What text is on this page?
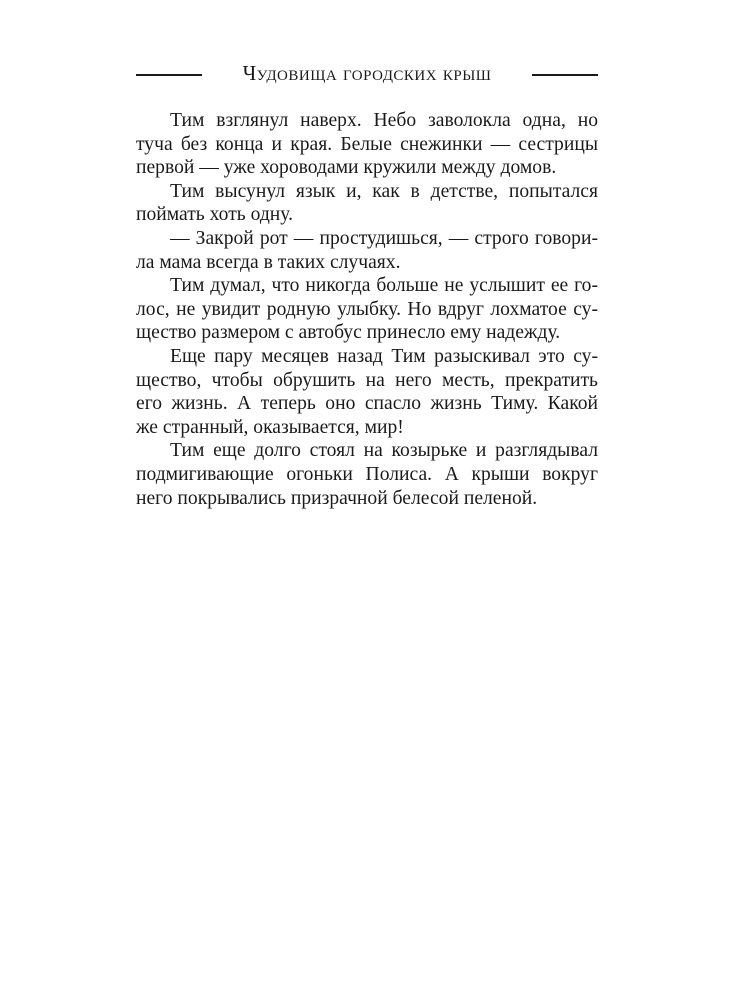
Чудовища городских крыш
Тим взглянул наверх. Небо заволокла одна, но
туча без конца и края. Белые снежинки — сестрицы
первой — уже хороводами кружили между домов.
Тим высунул язык и, как в детстве, попытался
поймать хоть одну.
— Закрой рот — простудишься, — строго говори-
ла мама всегда в таких случаях.
Тим думал, что никогда больше не услышит ее го-
лос, не увидит родную улыбку. Но вдруг лохматое су-
щество размером с автобус принесло ему надежду.
Еще пару месяцев назад Тим разыскивал это су-
щество, чтобы обрушить на него месть, прекратить
его жизнь. А теперь оно спасло жизнь Тиму. Какой
же странный, оказывается, мир!
Тим еще долго стоял на козырьке и разглядывал
подмигивающие огоньки Полиса. А крыши вокруг
него покрывались призрачной белесой пеленой.
